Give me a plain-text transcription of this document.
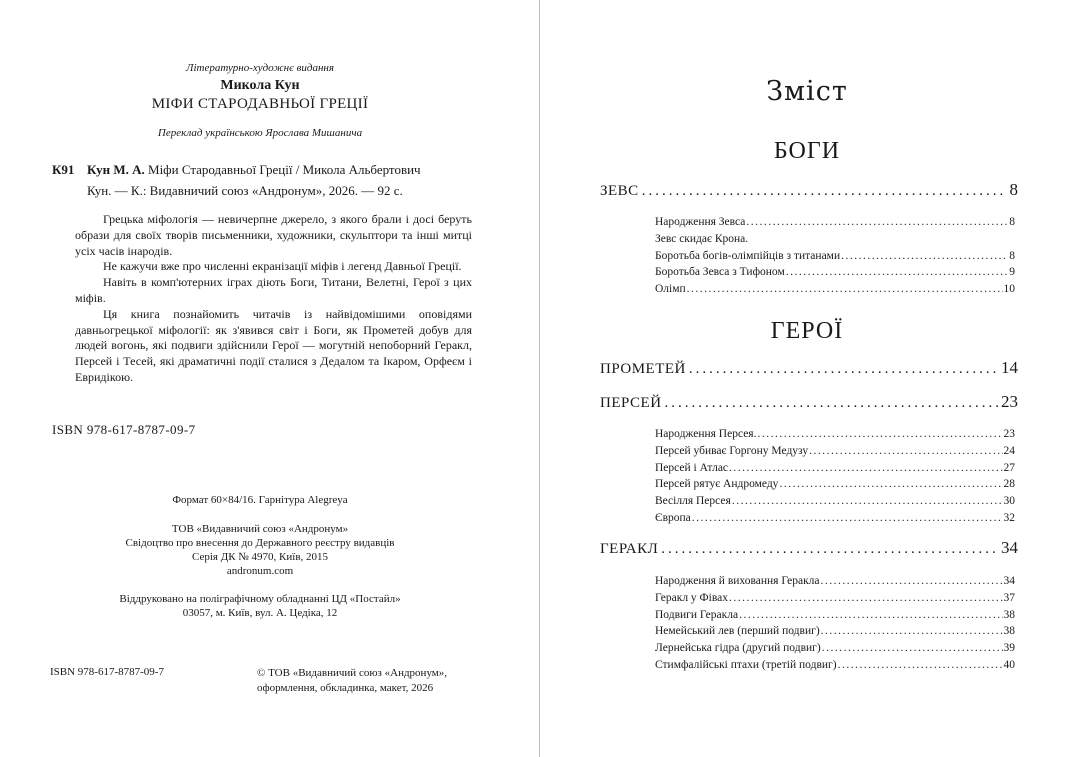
Літературно-художнє видання
Микола Кун
МІФИ СТАРОДАВНЬОЇ ГРЕЦІЇ
Переклад українською Ярослава Мишанича
К91 Кун М. А. Міфи Стародавньої Греції / Микола Альбертович
Кун. — К.: Видавничий союз «Андронум», 2026. — 92 с.

Грецька міфологія — невичерпне джерело, з якого брали і досі беруть образи для своїх творів письменники, художники, скульптори та інші митці усіх часів інародів.

Не кажучи вже про численні екранізації міфів і легенд Давньої Греції.

Навіть в комп'ютерних іграх діють Боги, Титани, Велетні, Герої з цих міфів.

Ця книга познайомить читачів із найвідомішими оповідями давньогрецької міфології: як з'явився світ і Боги, як Прометей добув для людей вогонь, які подвиги здійснили Герої — могутній непоборний Геракл, Персей і Тесей, які драматичні події сталися з Дедалом та Ікаром, Орфеєм і Евридікою.

ISBN 978-617-8787-09-7
Формат 60×84/16. Гарнітура Alegreya
ТОВ «Видавничий союз «Андронум»
Свідоцтво про внесення до Державного реєстру видавців
Серія ДК № 4970, Київ, 2015
andronum.com
Віддруковано на поліграфічному обладнанні ЦД «Постайл»
03057, м. Київ, вул. А. Цедіка, 12
ISBN 978-617-8787-09-7	© ТОВ «Видавничий союз «Андронум»,
оформлення, обкладинка, макет, 2026
Зміст
БОГИ
ЗЕВС .....	8
Народження Зевса .....	8
Зевс скидає Крона.
Боротьба богів-олімпійців з титанами .....	8
Боротьба Зевса з Тифоном .....	9
Олімп .....	10
ГЕРОЇ
ПРОМЕТЕЙ .....	14
ПЕРСЕЙ .....	23
Народження Персея. .....	23
Персей убиває Горгону Медузу .....	24
Персей і Атлас .....	27
Персей рятує Андромеду .....	28
Весілля Персея .....	30
Європа .....	32
ГЕРАКЛ .....	34
Народження й виховання Геракла .....	34
Геракл у Фівах .....	37
Подвиги Геракла .....	38
Немейський лев (перший подвиг) .....	38
Лернейська гідра (другий подвиг) .....	39
Стимфалійські птахи (третій подвиг) .....	40
